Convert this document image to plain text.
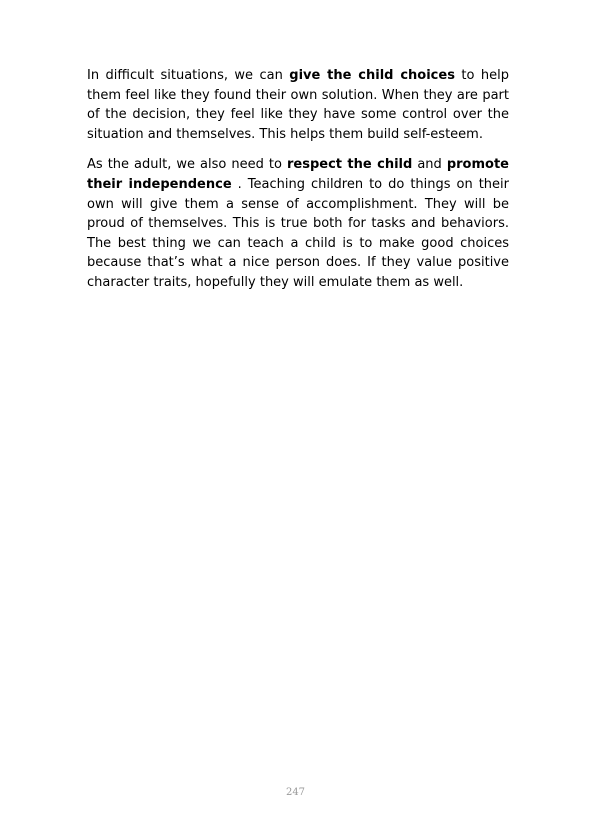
In difficult situations, we can give the child choices to help them feel like they found their own solution. When they are part of the decision, they feel like they have some control over the situation and themselves. This helps them build self-esteem.

As the adult, we also need to respect the child and promote their independence . Teaching children to do things on their own will give them a sense of accomplishment. They will be proud of themselves. This is true both for tasks and behaviors. The best thing we can teach a child is to make good choices because that’s what a nice person does. If they value positive character traits, hopefully they will emulate them as well.

247
